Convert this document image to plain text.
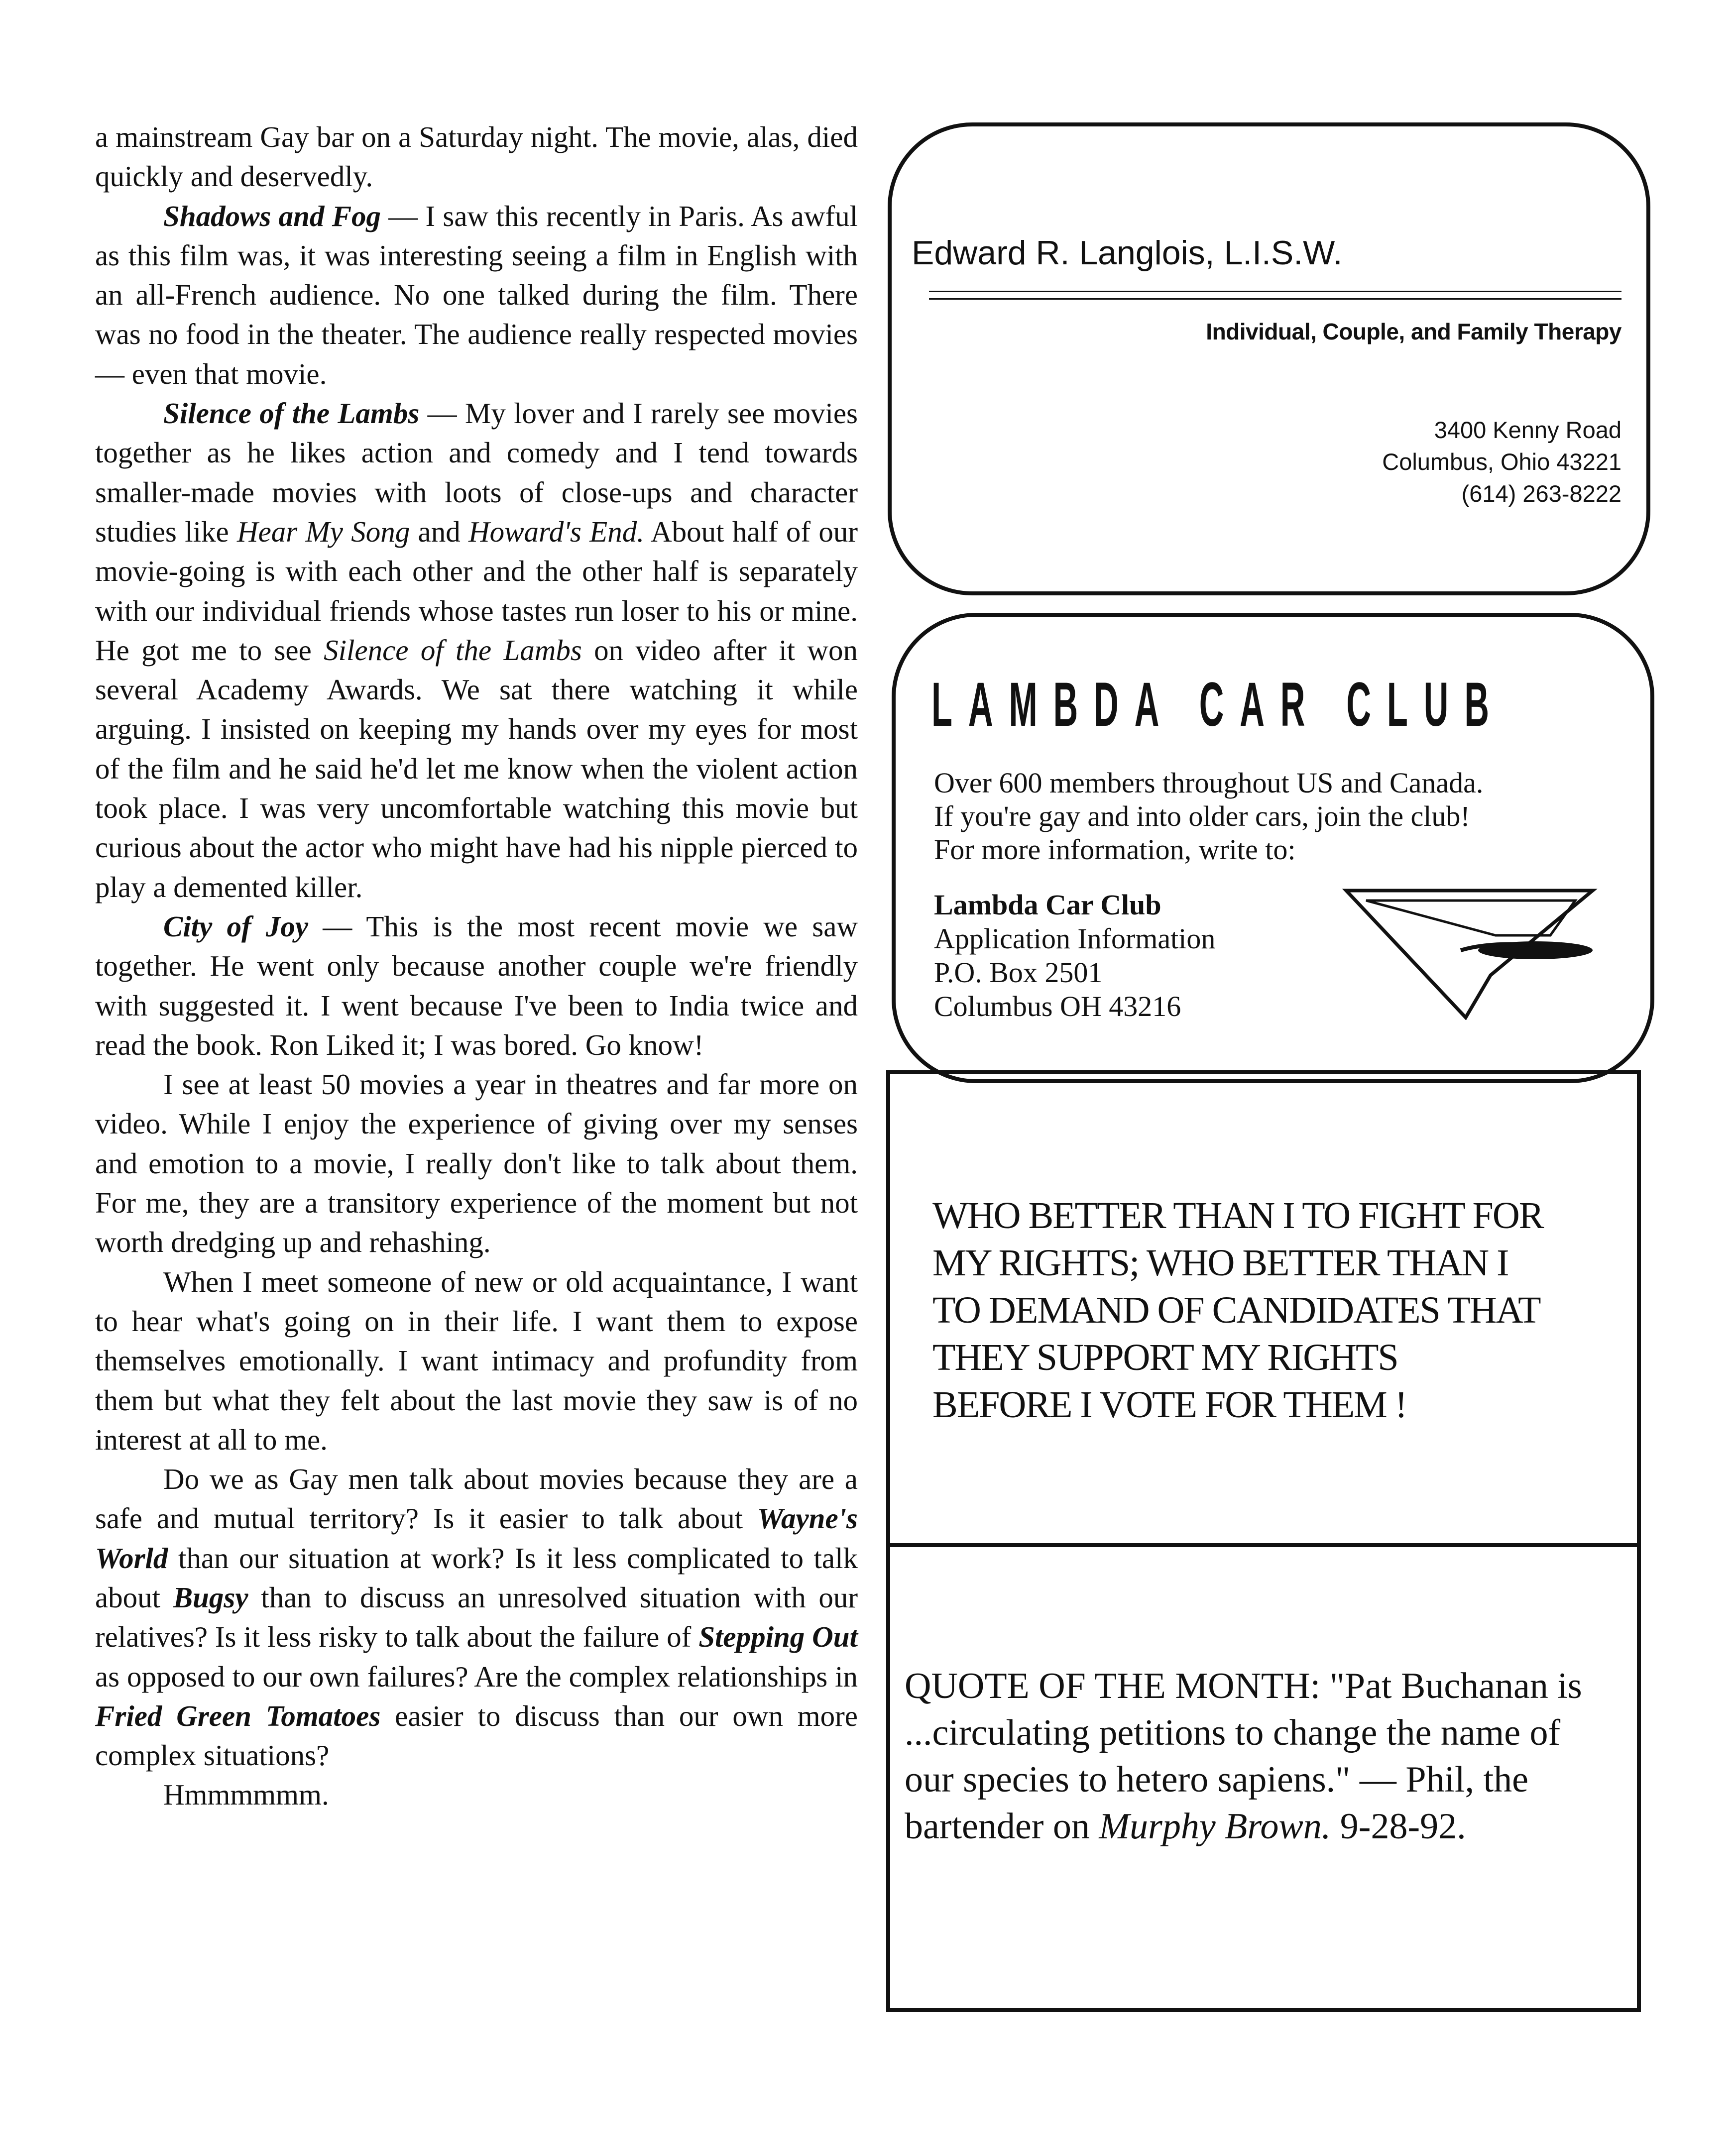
a mainstream Gay bar on a Saturday night. The movie, alas, died quickly and deservedly.

Shadows and Fog — I saw this recently in Paris. As awful as this film was, it was interesting seeing a film in English with an all-French audience. No one talked during the film. There was no food in the theater. The audience really respected movies — even that movie.

Silence of the Lambs — My lover and I rarely see movies together as he likes action and comedy and I tend towards smaller-made movies with loots of close-ups and character studies like Hear My Song and Howard's End. About half of our movie-going is with each other and the other half is separately with our individual friends whose tastes run loser to his or mine. He got me to see Silence of the Lambs on video after it won several Academy Awards. We sat there watching it while arguing. I insisted on keeping my hands over my eyes for most of the film and he said he'd let me know when the violent action took place. I was very uncomfortable watching this movie but curious about the actor who might have had his nipple pierced to play a demented killer.

City of Joy — This is the most recent movie we saw together. He went only because another couple we're friendly with suggested it. I went because I've been to India twice and read the book. Ron Liked it; I was bored. Go know!

I see at least 50 movies a year in theatres and far more on video. While I enjoy the experience of giving over my senses and emotion to a movie, I really don't like to talk about them. For me, they are a transitory experience of the moment but not worth dredging up and rehashing.

When I meet someone of new or old acquaintance, I want to hear what's going on in their life. I want them to expose themselves emotionally. I want intimacy and profundity from them but what they felt about the last movie they saw is of no interest at all to me.

Do we as Gay men talk about movies because they are a safe and mutual territory? Is it easier to talk about Wayne's World than our situation at work? Is it less complicated to talk about Bugsy than to discuss an unresolved situation with our relatives? Is it less risky to talk about the failure of Stepping Out as opposed to our own failures? Are the complex relationships in Fried Green Tomatoes easier to discuss than our own more complex situations?

Hmmmmmm.

Edward R. Langlois, L.I.S.W.
Individual, Couple, and Family Therapy
3400 Kenny Road
Columbus, Ohio 43221
(614) 263-8222
LAMBDA CAR CLUB
Over 600 members throughout US and Canada.
If you're gay and into older cars, join the club!
For more information, write to:
Lambda Car Club
Application Information
P.O. Box 2501
Columbus OH 43216
WHO BETTER THAN I TO FIGHT FOR
MY RIGHTS; WHO BETTER THAN I
TO DEMAND OF CANDIDATES THAT
THEY SUPPORT MY RIGHTS
BEFORE I VOTE FOR THEM !
QUOTE OF THE MONTH: "Pat Buchanan is
...circulating petitions to change the name of
our species to hetero sapiens." — Phil, the
bartender on Murphy Brown. 9-28-92.
